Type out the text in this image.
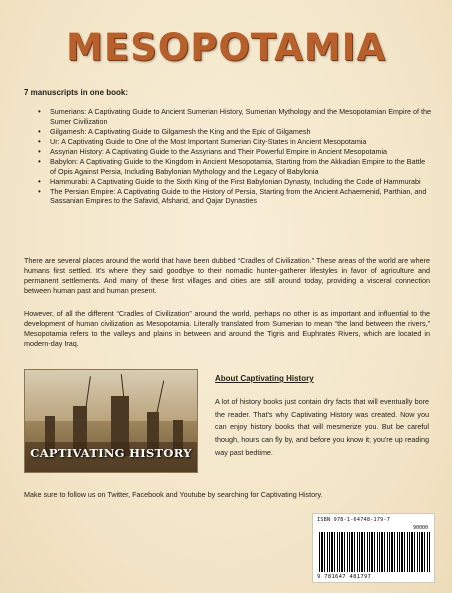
MESOPOTAMIA
7 manuscripts in one book:
• Sumerians: A Captivating Guide to Ancient Sumerian History, Sumerian Mythology and the Mesopotamian Empire of the Sumer Civilization
• Gilgamesh: A Captivating Guide to Gilgamesh the King and the Epic of Gilgamesh
• Ur: A Captivating Guide to One of the Most Important Sumerian City-States in Ancient Mesopotamia
• Assyrian History: A Captivating Guide to the Assyrians and Their Powerful Empire in Ancient Mesopotamia
• Babylon: A Captivating Guide to the Kingdom in Ancient Mesopotamia, Starting from the Akkadian Empire to the Battle of Opis Against Persia, Including Babylonian Mythology and the Legacy of Babylonia
• Hammurabi: A Captivating Guide to the Sixth King of the First Babylonian Dynasty, Including the Code of Hammurabi
• The Persian Empire: A Captivating Guide to the History of Persia, Starting from the Ancient Achaemenid, Parthian, and Sassanian Empires to the Safavid, Afsharid, and Qajar Dynasties

There are several places around the world that have been dubbed “Cradles of Civilization.” These areas of the world are where humans first settled. It's where they said goodbye to their nomadic hunter-gatherer lifestyles in favor of agriculture and permanent settlements. And many of these first villages and cities are still around today, providing a visceral connection between human past and human present.

However, of all the different “Cradles of Civilization” around the world, perhaps no other is as important and influential to the development of human civilization as Mesopotamia. Literally translated from Sumerian to mean “the land between the rivers,” Mesopotamia refers to the valleys and plains in between and around the Tigris and Euphrates Rivers, which are located in modern-day Iraq.

CAPTIVATING HISTORY
About Captivating History

A lot of history books just contain dry facts that will eventually bore the reader. That's why Captivating History was created. Now you can enjoy history books that will mesmerize you. But be careful though, hours can fly by, and before you know it; you're up reading way past bedtime.

Make sure to follow us on Twitter, Facebook and Youtube by searching for Captivating History.

ISBN 978-1-64748-179-7
90000
9 781647 481797
